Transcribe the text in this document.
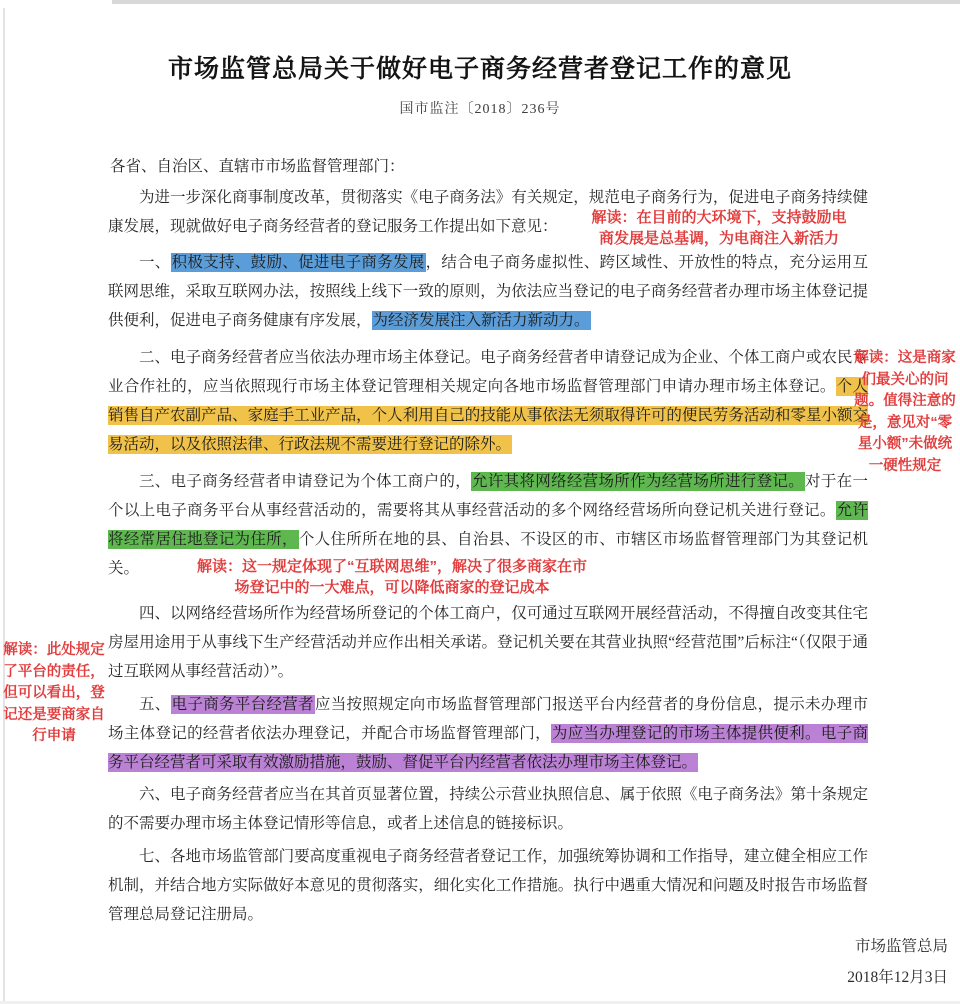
市场监管总局关于做好电子商务经营者登记工作的意见
国市监注〔2018〕236号
各省、自治区、直辖市市场监督管理部门：

为进一步深化商事制度改革，贯彻落实《电子商务法》有关规定，规范电子商务行为，促进电子商务持续健康发展，现就做好电子商务经营者的登记服务工作提出如下意见：

一、积极支持、鼓励、促进电子商务发展，结合电子商务虚拟性、跨区域性、开放性的特点，充分运用互联网思维，采取互联网办法，按照线上线下一致的原则，为依法应当登记的电子商务经营者办理市场主体登记提供便利，促进电子商务健康有序发展，为经济发展注入新活力新动力。

二、电子商务经营者应当依法办理市场主体登记。电子商务经营者申请登记成为企业、个体工商户或农民专业合作社的，应当依照现行市场主体登记管理相关规定向各地市场监督管理部门申请办理市场主体登记。个人销售自产农副产品、家庭手工业产品，个人利用自己的技能从事依法无须取得许可的便民劳务活动和零星小额交易活动，以及依照法律、行政法规不需要进行登记的除外。

三、电子商务经营者申请登记为个体工商户的，允许其将网络经营场所作为经营场所进行登记。对于在一个以上电子商务平台从事经营活动的，需要将其从事经营活动的多个网络经营场所向登记机关进行登记。允许将经常居住地登记为住所，个人住所所在地的县、自治县、不设区的市、市辖区市场监督管理部门为其登记机关。

四、以网络经营场所作为经营场所登记的个体工商户，仅可通过互联网开展经营活动，不得擅自改变其住宅房屋用途用于从事线下生产经营活动并应作出相关承诺。登记机关要在其营业执照“经营范围”后标注“（仅限于通过互联网从事经营活动）”。

五、电子商务平台经营者应当按照规定向市场监督管理部门报送平台内经营者的身份信息，提示未办理市场主体登记的经营者依法办理登记，并配合市场监督管理部门，为应当办理登记的市场主体提供便利。电子商务平台经营者可采取有效激励措施，鼓励、督促平台内经营者依法办理市场主体登记。

六、电子商务经营者应当在其首页显著位置，持续公示营业执照信息、属于依照《电子商务法》第十条规定的不需要办理市场主体登记情形等信息，或者上述信息的链接标识。

七、各地市场监管部门要高度重视电子商务经营者登记工作，加强统筹协调和工作指导，建立健全相应工作机制，并结合地方实际做好本意见的贯彻落实，细化实化工作措施。执行中遇重大情况和问题及时报告市场监督管理总局登记注册局。

市场监管总局
2018年12月3日
解读：在目前的大环境下，支持鼓励电商发展是总基调，为电商注入新活力
解读：这是商家们最关心的问题。值得注意的是，意见对“零星小额”未做统一硬性规定
解读：这一规定体现了“互联网思维”，解决了很多商家在市场登记中的一大难点，可以降低商家的登记成本
解读：此处规定了平台的责任，但可以看出，登记还是要商家自行申请
